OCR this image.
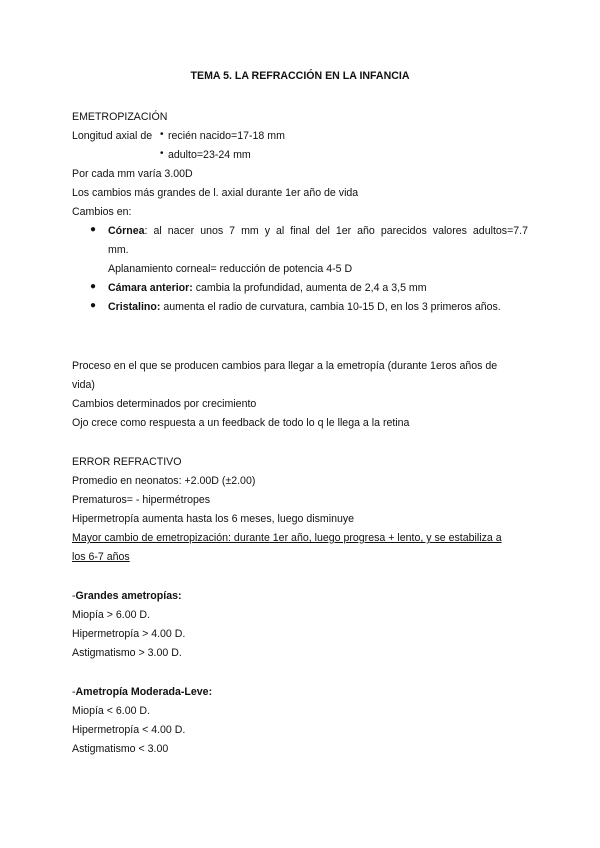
TEMA 5. LA REFRACCIÓN EN LA INFANCIA
EMETROPIZACIÓN
Longitud axial de • recién nacido=17-18 mm
• adulto=23-24 mm
Por cada mm varía 3.00D
Los cambios más grandes de l. axial durante 1er año de vida
Cambios en:
● Córnea: al nacer unos 7 mm y al final del 1er año parecidos valores adultos=7.7
mm.
Aplanamiento corneal= reducción de potencia 4-5 D
● Cámara anterior: cambia la profundidad, aumenta de 2,4 a 3,5 mm
● Cristalino: aumenta el radio de curvatura, cambia 10-15 D, en los 3 primeros años.
Proceso en el que se producen cambios para llegar a la emetropía (durante 1eros años de
vida)
Cambios determinados por crecimiento
Ojo crece como respuesta a un feedback de todo lo q le llega a la retina
ERROR REFRACTIVO
Promedio en neonatos: +2.00D (±2.00)
Prematuros= - hipermétropes
Hipermetropía aumenta hasta los 6 meses, luego disminuye
Mayor cambio de emetropización: durante 1er año, luego progresa + lento, y se estabiliza a
los 6-7 años
-Grandes ametropías:
Miopía > 6.00 D.
Hipermetropía > 4.00 D.
Astigmatismo > 3.00 D.
-Ametropía Moderada-Leve:
Miopía < 6.00 D.
Hipermetropía < 4.00 D.
Astigmatismo < 3.00
